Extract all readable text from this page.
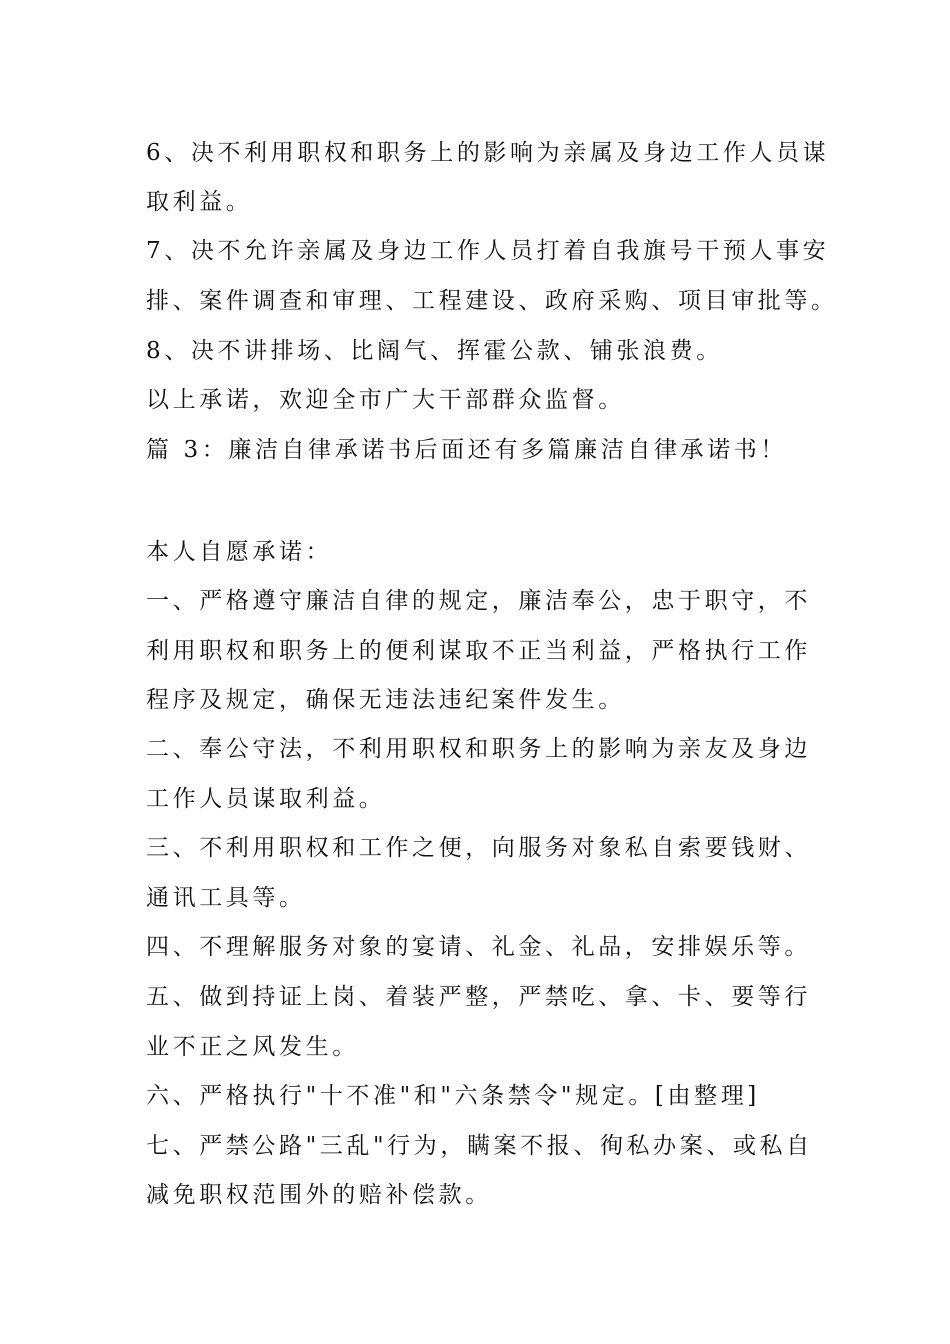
6、决不利用职权和职务上的影响为亲属及身边工作人员谋
取利益。
7、决不允许亲属及身边工作人员打着自我旗号干预人事安
排、案件调查和审理、工程建设、政府采购、项目审批等。
8、决不讲排场、比阔气、挥霍公款、铺张浪费。
以上承诺，欢迎全市广大干部群众监督。
篇 3：廉洁自律承诺书后面还有多篇廉洁自律承诺书！
本人自愿承诺：
一、严格遵守廉洁自律的规定，廉洁奉公，忠于职守，不
利用职权和职务上的便利谋取不正当利益，严格执行工作
程序及规定，确保无违法违纪案件发生。
二、奉公守法，不利用职权和职务上的影响为亲友及身边
工作人员谋取利益。
三、不利用职权和工作之便，向服务对象私自索要钱财、
通讯工具等。
四、不理解服务对象的宴请、礼金、礼品，安排娱乐等。
五、做到持证上岗、着装严整，严禁吃、拿、卡、要等行
业不正之风发生。
六、严格执行"十不准"和"六条禁令"规定。[由整理]
七、严禁公路"三乱"行为，瞒案不报、徇私办案、或私自
减免职权范围外的赔补偿款。
